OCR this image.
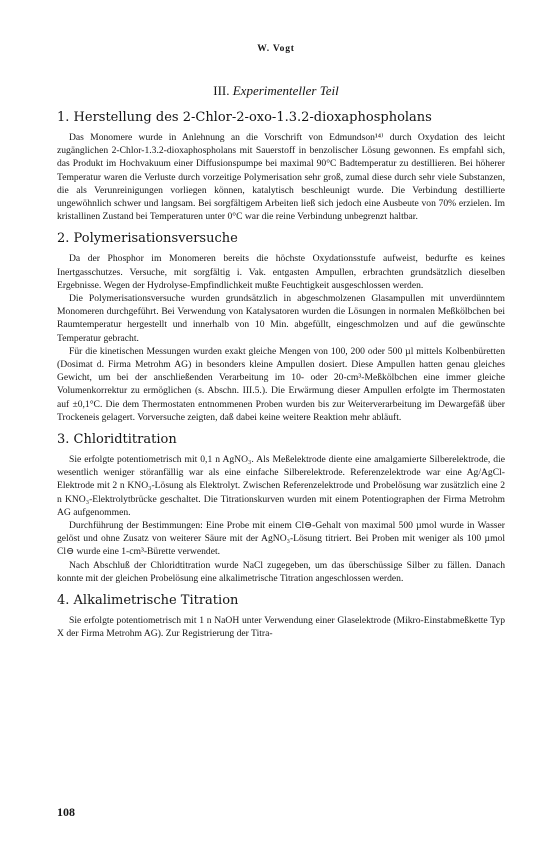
W. Vogt
III. Experimenteller Teil
1. Herstellung des 2-Chlor-2-oxo-1.3.2-dioxaphospholans

Das Monomere wurde in Anlehnung an die Vorschrift von Edmundson¹⁴⁾ durch Oxydation des leicht zugänglichen 2-Chlor-1.3.2-dioxaphospholans mit Sauerstoff in benzolischer Lösung gewonnen. Es empfahl sich, das Produkt im Hochvakuum einer Diffusionspumpe bei maximal 90°C Badtemperatur zu destillieren. Bei höherer Temperatur waren die Verluste durch vorzeitige Polymerisation sehr groß, zumal diese durch sehr viele Substanzen, die als Verunreinigungen vorliegen können, katalytisch beschleunigt wurde. Die Verbindung destillierte ungewöhnlich schwer und langsam. Bei sorgfältigem Arbeiten ließ sich jedoch eine Ausbeute von 70% erzielen. Im kristallinen Zustand bei Temperaturen unter 0°C war die reine Verbindung unbegrenzt haltbar.

2. Polymerisationsversuche

Da der Phosphor im Monomeren bereits die höchste Oxydationsstufe aufweist, bedurfte es keines Inertgasschutzes. Versuche, mit sorgfältig i. Vak. entgasten Ampullen, erbrachten grundsätzlich dieselben Ergebnisse. Wegen der Hydrolyse-Empfindlichkeit mußte Feuchtigkeit ausgeschlossen werden.

Die Polymerisationsversuche wurden grundsätzlich in abgeschmolzenen Glasampullen mit unverdünntem Monomeren durchgeführt. Bei Verwendung von Katalysatoren wurden die Lösungen in normalen Meßkölbchen bei Raumtemperatur hergestellt und innerhalb von 10 Min. abgefüllt, eingeschmolzen und auf die gewünschte Temperatur gebracht.

Für die kinetischen Messungen wurden exakt gleiche Mengen von 100, 200 oder 500 µl mittels Kolbenbüretten (Dosimat d. Firma Metrohm AG) in besonders kleine Ampullen dosiert. Diese Ampullen hatten genau gleiches Gewicht, um bei der anschließenden Verarbeitung im 10- oder 20-cm³-Meßkölbchen eine immer gleiche Volumenkorrektur zu ermöglichen (s. Abschn. III.5.). Die Erwärmung dieser Ampullen erfolgte im Thermostaten auf ±0,1°C. Die dem Thermostaten entnommenen Proben wurden bis zur Weiterverarbeitung im Dewargefäß über Trockeneis gelagert. Vorversuche zeigten, daß dabei keine weitere Reaktion mehr abläuft.

3. Chloridtitration

Sie erfolgte potentiometrisch mit 0,1 n AgNO₃. Als Meßelektrode diente eine amalgamierte Silberelektrode, die wesentlich weniger störanfällig war als eine einfache Silberelektrode. Referenzelektrode war eine Ag/AgCl-Elektrode mit 2 n KNO₃-Lösung als Elektrolyt. Zwischen Referenzelektrode und Probelösung war zusätzlich eine 2 n KNO₃-Elektrolytbrücke geschaltet. Die Titrationskurven wurden mit einem Potentiographen der Firma Metrohm AG aufgenommen.

Durchführung der Bestimmungen: Eine Probe mit einem Cl⊖-Gehalt von maximal 500 µmol wurde in Wasser gelöst und ohne Zusatz von weiterer Säure mit der AgNO₃-Lösung titriert. Bei Proben mit weniger als 100 µmol Cl⊖ wurde eine 1-cm³-Bürette verwendet.

Nach Abschluß der Chloridtitration wurde NaCl zugegeben, um das überschüssige Silber zu fällen. Danach konnte mit der gleichen Probelösung eine alkalimetrische Titration angeschlossen werden.

4. Alkalimetrische Titration

Sie erfolgte potentiometrisch mit 1 n NaOH unter Verwendung einer Glaselektrode (Mikro-Einstabmeßkette Typ X der Firma Metrohm AG). Zur Registrierung der Titra-

108
